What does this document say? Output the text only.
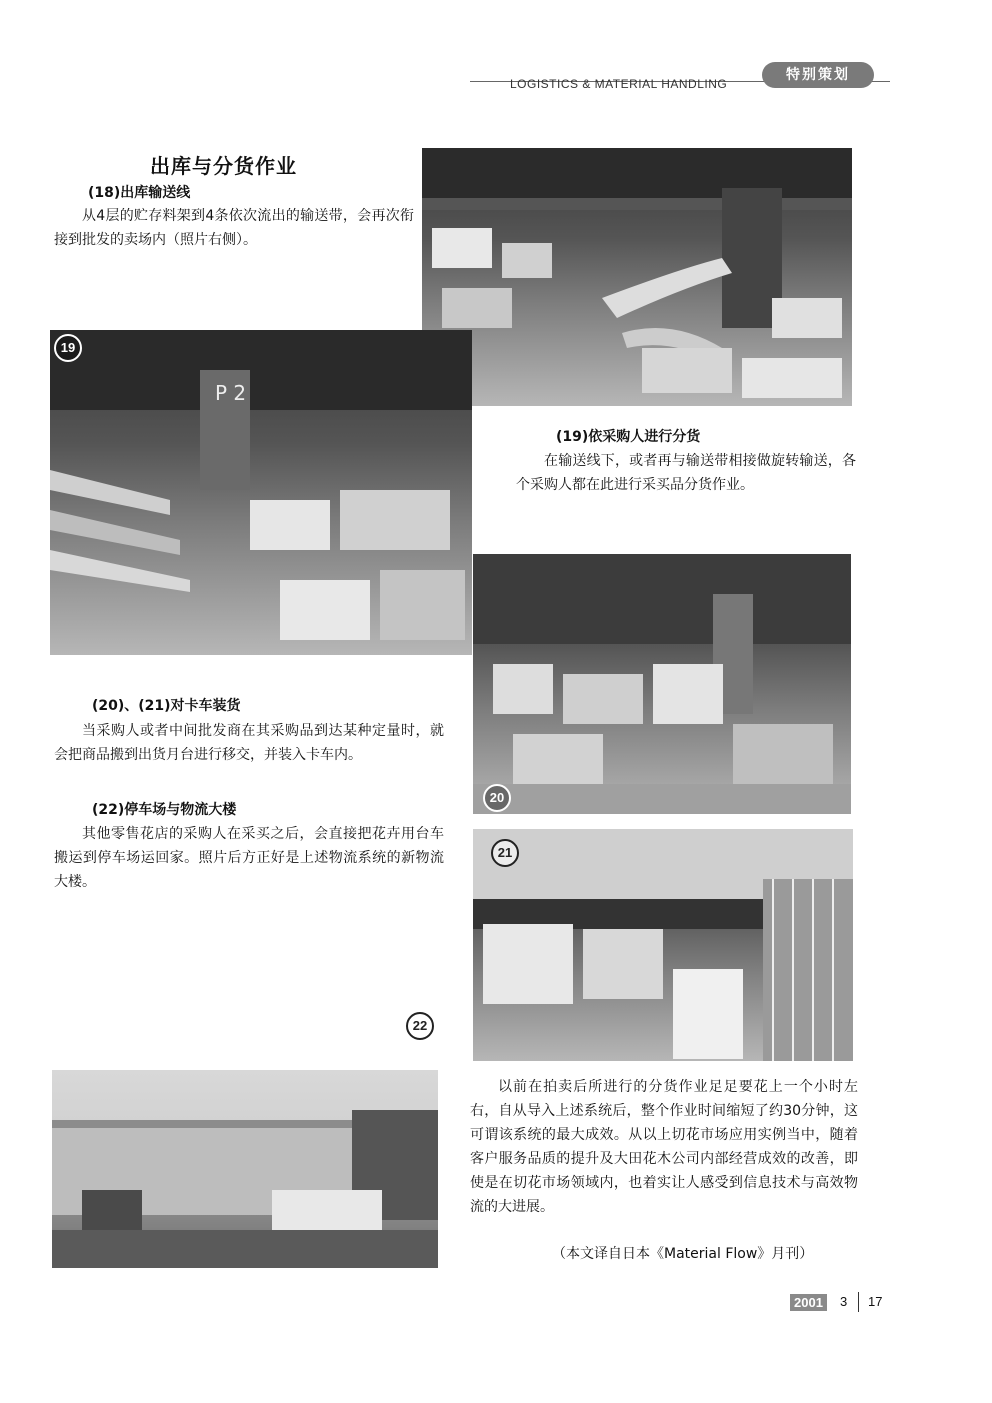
LOGISTICS & MATERIAL HANDLING
特别策划
出库与分货作业
(18)出库输送线
从4层的贮存料架到4条依次流出的输送带，会再次衔接到批发的卖场内（照片右侧）。
P 2
19
(19)依采购人进行分货
在输送线下，或者再与输送带相接做旋转输送，各个采购人都在此进行采买品分货作业。
20
(20)、(21)对卡车装货
当采购人或者中间批发商在其采购品到达某种定量时，就会把商品搬到出货月台进行移交，并装入卡车内。
(22)停车场与物流大楼
其他零售花店的采购人在采买之后，会直接把花卉用台车搬运到停车场运回家。照片后方正好是上述物流系统的新物流大楼。
21
22
以前在拍卖后所进行的分货作业足足要花上一个小时左右，自从导入上述系统后，整个作业时间缩短了约30分钟，这可谓该系统的最大成效。从以上切花市场应用实例当中，随着客户服务品质的提升及大田花木公司内部经营成效的改善，即使是在切花市场领域内，也着实让人感受到信息技术与高效物流的大进展。
（本文译自日本《Material Flow》月刊）
2001	3 17
